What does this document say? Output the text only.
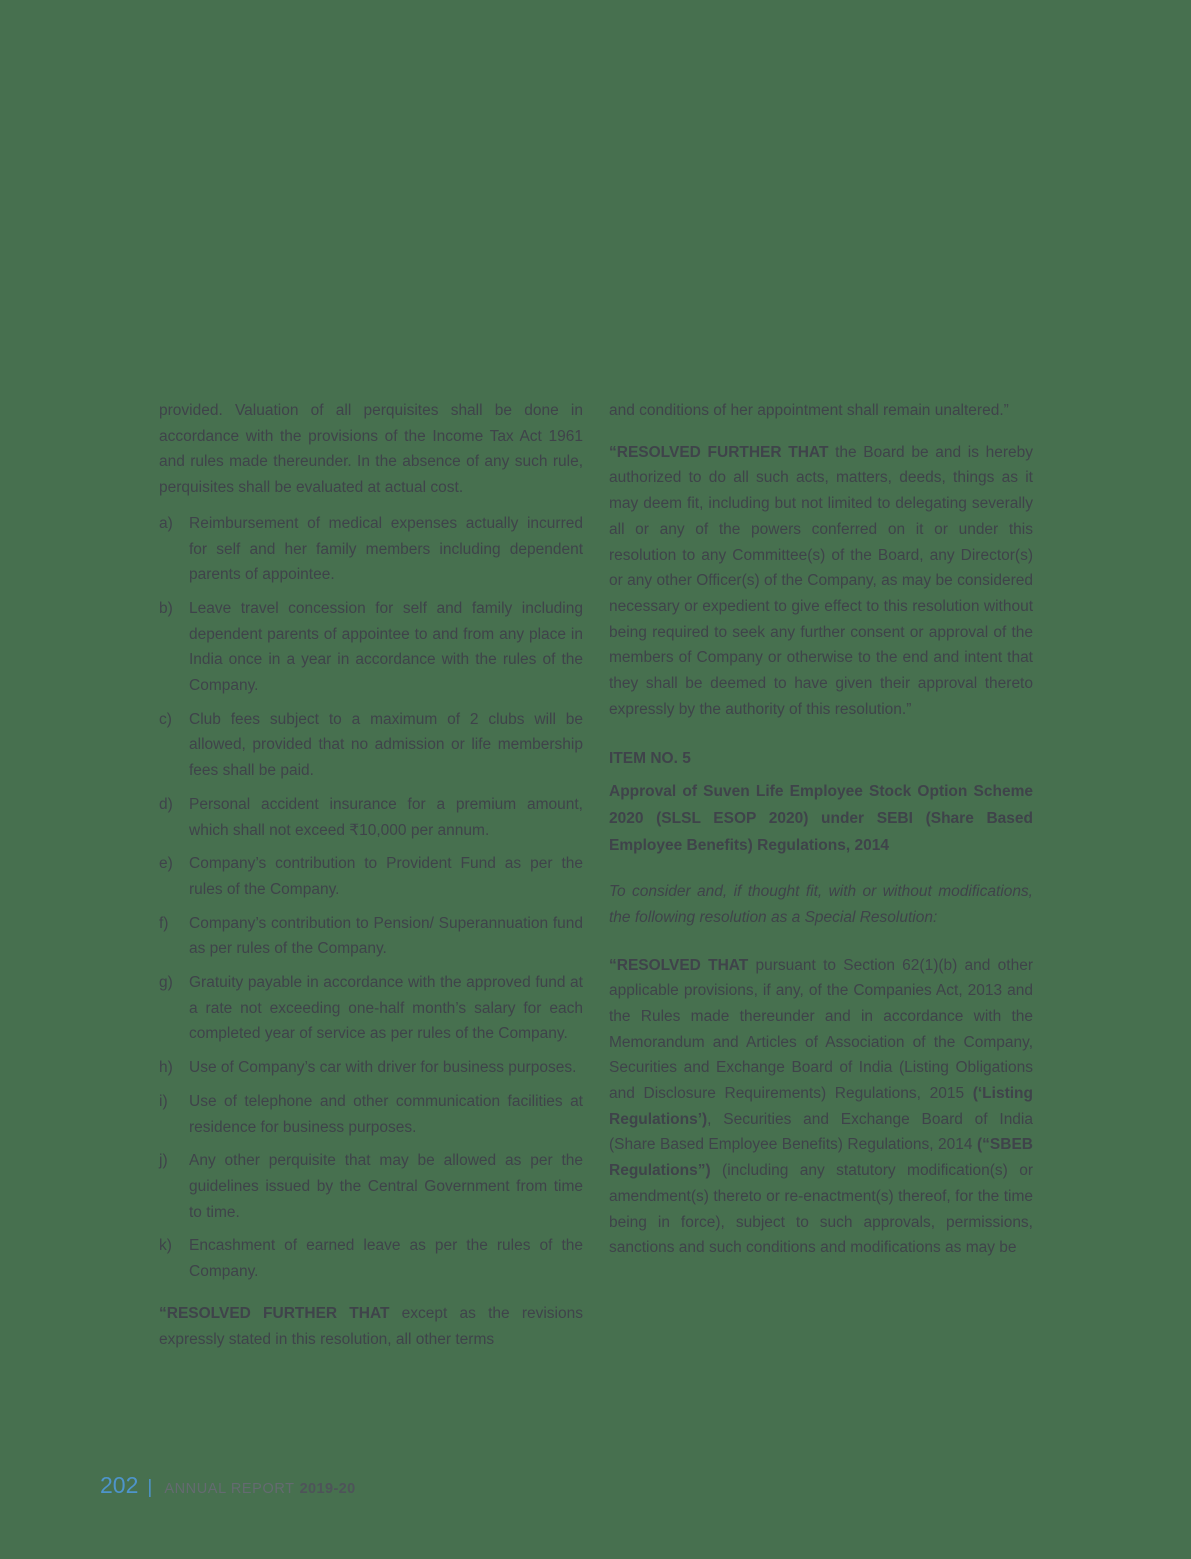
provided. Valuation of all perquisites shall be done in accordance with the provisions of the Income Tax Act 1961 and rules made thereunder. In the absence of any such rule, perquisites shall be evaluated at actual cost.

a)	Reimbursement of medical expenses actually incurred for self and her family members including dependent parents of appointee.
b)	Leave travel concession for self and family including dependent parents of appointee to and from any place in India once in a year in accordance with the rules of the Company.
c)	Club fees subject to a maximum of 2 clubs will be allowed, provided that no admission or life membership fees shall be paid.
d)	Personal accident insurance for a premium amount, which shall not exceed ₹10,000 per annum.
e)	Company’s contribution to Provident Fund as per the rules of the Company.
f)	Company’s contribution to Pension/ Superannuation fund as per rules of the Company.
g)	Gratuity payable in accordance with the approved fund at a rate not exceeding one-half month’s salary for each completed year of service as per rules of the Company.
h)	Use of Company’s car with driver for business purposes.
i)	Use of telephone and other communication facilities at residence for business purposes.
j)	Any other perquisite that may be allowed as per the guidelines issued by the Central Government from time to time.
k)	Encashment of earned leave as per the rules of the Company.

“RESOLVED FURTHER THAT except as the revisions expressly stated in this resolution, all other terms

and conditions of her appointment shall remain unaltered.”

“RESOLVED FURTHER THAT the Board be and is hereby authorized to do all such acts, matters, deeds, things as it may deem fit, including but not limited to delegating severally all or any of the powers conferred on it or under this resolution to any Committee(s) of the Board, any Director(s) or any other Officer(s) of the Company, as may be considered necessary or expedient to give effect to this resolution without being required to seek any further consent or approval of the members of Company or otherwise to the end and intent that they shall be deemed to have given their approval thereto expressly by the authority of this resolution.”

ITEM NO. 5

Approval of Suven Life Employee Stock Option Scheme 2020 (SLSL ESOP 2020) under SEBI (Share Based Employee Benefits) Regulations, 2014

To consider and, if thought fit, with or without modifications, the following resolution as a Special Resolution:

“RESOLVED THAT pursuant to Section 62(1)(b) and other applicable provisions, if any, of the Companies Act, 2013 and the Rules made thereunder and in accordance with the Memorandum and Articles of Association of the Company, Securities and Exchange Board of India (Listing Obligations and Disclosure Requirements) Regulations, 2015 (‘Listing Regulations’), Securities and Exchange Board of India (Share Based Employee Benefits) Regulations, 2014 (“SBEB Regulations”) (including any statutory modification(s) or amendment(s) thereto or re-enactment(s) thereof, for the time being in force), subject to such approvals, permissions, sanctions and such conditions and modifications as may be

202 | ANNUAL REPORT 2019-20
